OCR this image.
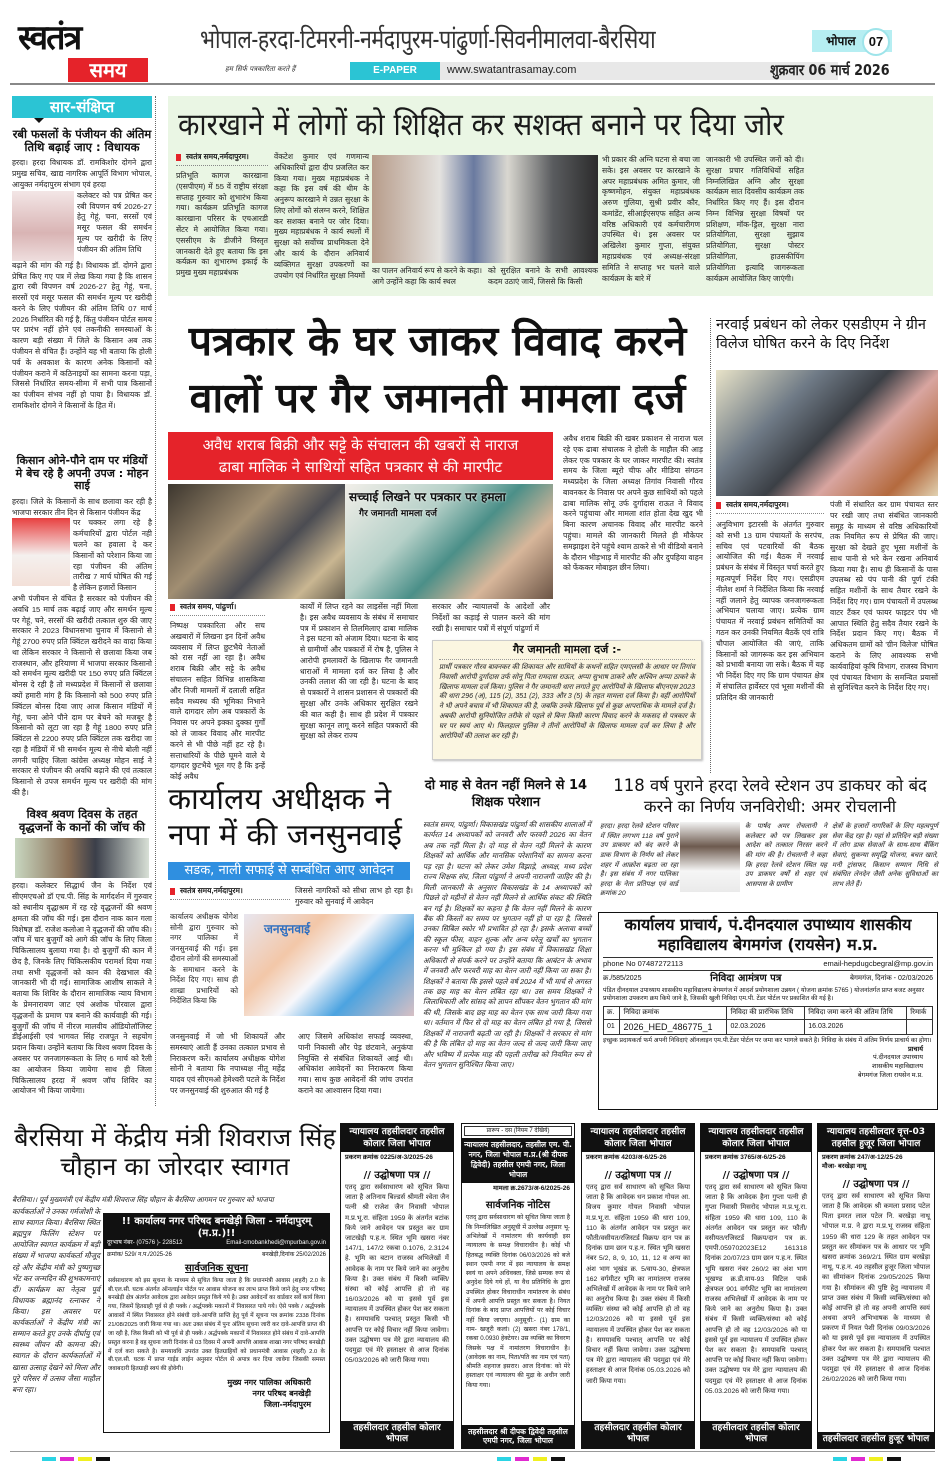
स्वतंत्र
समय
भोपाल-हरदा-टिमरनी-नर्मदापुरम-पांढुर्णा-सिवनीमालवा-बैरसिया
हम सिर्फ पत्रकारिता करते हैं	E-PAPER	www.swatantrasamay.com
भोपाल	07
शुक्रवार 06 मार्च 2026
सार-संक्षिप्त
रबी फसलों के पंजीयन की अंतिम तिथि बढ़ाई जाए : विधायक
हरदा। हरदा विधायक डॉ. रामकिशोर दोगने द्वारा प्रमुख सचिव, खाद्य नागरिक आपूर्ति विभाग भोपाल, आयुक्त नर्मदापुरम संभाग एवं हरदा
कलेक्टर को पत्र प्रेषित कर रबी विपणन वर्ष 2026-27 हेतु गेहूं, चना, सरसों एवं मसूर फसल की समर्थन मूल्य पर खरीदी के लिए पंजीयन की अंतिम तिथि
बढ़ाने की मांग की गई है। विधायक डॉ. दोगने द्वारा प्रेषित किए गए पत्र में लेख किया गया है कि शासन द्वारा रबी विपणन वर्ष 2026-27 हेतु गेहूं, चना, सरसों एवं मसूर फसल की समर्थन मूल्य पर खरीदी करने के लिए पंजीयन की अंतिम तिथि 07 मार्च 2026 निर्धारित की गई है, किंतु पंजीयन पोर्टल समय पर प्रारंभ नहीं होने एवं तकनीकी समस्याओं के कारण बड़ी संख्या में जिले के किसान अब तक पंजीयन से वंचित हैं। उन्होंने यह भी बताया कि होली पर्व के अवकाश के कारण अनेक किसानों को पंजीयन कराने में कठिनाइयों का सामना करना पड़ा, जिससे निर्धारित समय-सीमा में सभी पात्र किसानों का पंजीयन संभव नहीं हो पाया है। विधायक डॉ. रामकिशोर दोगने ने किसानों के हित में।
किसान ओने-पौने दाम पर मंडियों मे बेच रहे है अपनी उपज : मोहन साई
हरदा। जिले के किसानों के साथ छलावा कर रही है भाजपा सरकार तीन दिन से किसान पंजीयन केंद्र
पर चक्कर लगा रहे है कर्मचारियों द्वारा पोर्टल नही चलने का हवाला दे कर किसानों को परेशान किया जा रहा पंजीयन की अंतिम तारीख 7 मार्च घोषित की गई है लेकिन हजारों किसान
अभी पंजीयन से वंचित है सरकार को पंजीयन की अवधि 15 मार्च तक बढ़ाई जाए और समर्थन मूल्य पर गेहूं, चने, सरसों की खरीदी तत्काल शुरु की जाए सरकार ने 2023 विधानसभा चुनाव में किसानो से गेहूं 2700 रुपए प्रति क्विंटल खरीदने का वादा किया था लेकिन सरकार ने किसानो से छलावा किया जब राजस्थान, और हरियाणा में भाजपा सरकार किसानो को समर्थन मूल्य खरीदी पर 150 रुपए प्रति क्विंटल बोनस दे रही है तो मध्यप्रदेश में किसानों से छलावा क्यों हमारी मांग है कि किसानो को 500 रुपए प्रति क्विंटल बोनस दिया जाए आज किसान मंडियों में गेहूं, चना ओने पौने दाम पर बेचने को मजबूर है किसानो को लूटा जा रहा है गेहूं 1800 रुपए प्रति क्विंटल से 2200 रुपए प्रति क्विंटल तक खरीदा जा रहा है मंडियों में भी समर्थन मूल्य से नीचे बोली नहीं लगनी चाहिए जिला कांग्रेस अध्यक्ष मोहन साई ने सरकार से पंजीयन की अवधि बढ़ाने की एवं तत्काल किसानो से उपज समर्थन मूल्य पर खरीदी की मांग की है।
विश्व श्रवण दिवस के तहत वृद्धजनों के कानों की जॉच की
हरदा। कलेक्टर सिद्धार्थ जैन के निर्देश एवं सीएमएचओ डॉ एच.पी. सिंह के मार्गदर्शन में गुरुवार को स्थानीय वृद्धाश्रम में रह रहे वृद्धजनों की श्रवण क्षमता की जॉच की गई। इस दौरान नाक कान गला विशेषज्ञ डॉ. राजेश कलोआ ने वृद्धजनों की जॉच की। जॉच में चार बुजुर्गों को आगे की जॉच के लिए जिला चिकित्सालय बुलाया गया है। दो बुजुर्गों की कान में छेद है, जिनके लिए चिकित्सकीय परामर्श दिया गया तथा सभी वृद्धजनों को कान की देखभाल की जानकारी भी दी गई। सामाजिक आशीष साकले ने बताया कि शिविर के दौरान सामाजिक न्याय विभाग के प्रेमनारायण जाट एवं अशोक पोरवाल द्वारा वृद्धजनों के प्रमाण पत्र बनाने की कार्यवाही की गई। बुजुर्गों की जॉच में नीरज मालवीय ऑडियोलॉजिस्ट डीईआईसी एवं भागवत सिंह राजपूत ने सहयोग प्रदान किया। उन्होंने बताया कि विश्व श्रवण दिवस के अवसर पर जनजागरूकता के लिए 6 मार्च को रैली का आयोजन किया जायेगा साथ ही जिला चिकित्सालय हरदा में श्रवण जॉच शिविर का आयोजन भी किया जायेगा।
कारखाने में लोगों को शिक्षित कर सशक्त बनाने पर दिया जोर
स्वतंत्र समय,नर्मदापुरम।
प्रतिभूति कागज कारखाना (एसपीएम) में 55 वें राष्ट्रीय संरक्षा सप्ताह गुरुवार को शुभारंभ किया गया। कार्यक्रम प्रतिभूति कागज कारखाना परिसर के एचआरडी सेंटर मे आयोजित किया गया। एससीएम के डीजीने विस्तृत जानकारी देते हुए बताया कि इस कर्यक्रम का शुभारम्भ इकाई के प्रमुख मुख्य महाप्रबंधक
वेंकटेश कुमार एवं गणमान्य अधिकारियों द्वारा दीप प्रजलित कर किया गया। मुख्य महाप्रबंधक ने कहा कि इस वर्ष की थीम के अनुरूप कारखाने मे उन्नत सुरक्षा के लिए लोगों को संलग्न करने, शिक्षित कर सशक्त बनाने पर जोर दिया। मुख्य महाप्रबंधक ने कार्य स्थलों में सुरक्षा को सर्वोच्च प्राथमिकता देने और कार्य के दौरान अनिवार्य व्यक्तिगत सुरक्षा उपकरणों का उपयोग एवं निर्धारित सुरक्षा नियमों
का पालन अनिवार्य रूप से करने के कहा। आगे उन्होंने कहा कि कार्य स्थल
को सुरक्षित बनाने के सभी आवश्यक कदम उठाएं जायें, जिससे कि किसी
भी प्रकार की अग्नि घटना से बचा जा सके। इस अवसर पर कारखाने के अपर महाप्रबंधक अमित कुमार, जी कृष्णमोहन, संयुक्त महाप्रबंधक अरुण गुलिया, सुश्री प्रवीर कौर, कमांडेंट, सीआईएसएफ सहित अन्य वरिष्ठ अधिकारी एवं कर्मचारीगण उपस्थित थे। इस अवसर पर अखिलेश कुमार गुप्ता, संयुक्त महाप्रबंधक एवं अध्यक्ष-संरक्षा समिति ने सप्ताह भर चलने वाले कार्यक्रम के बारे में
जानकारी भी उपस्थित जनों को दी। सुरक्षा प्रचार गतिविधियों सहित निम्नलिखित अग्नि और सुरक्षा कार्यक्रम सात दिवसीय कार्यक्रम तक निर्धारित किए गए हैं। इस दौरान निम्न विभिन्न सुरक्षा विषयों पर प्रशिक्षण, मॉक-ड्रिल, सुरक्षा नारा प्रतियोगिता, सुरक्षा सुझाव प्रतियोगिता, सुरक्षा पोस्टर प्रतियोगिता, हाउसकीपिंग प्रतियोगिता इत्यादि जागरूकता कार्यक्रम आयोजित किए जाएंगी।
पत्रकार के घर जाकर विवाद करने
वालों पर गैर जमानती मामला दर्ज
अवैध शराब बिक्री और सट्टे के संचालन की खबरों से नाराज
ढाबा मालिक ने साथियों सहित पत्रकार से की मारपीट
सच्चाई लिखने पर पत्रकार पर हमला
गैर जमानती मामला दर्ज
अवैध शराब बिक्री की खबर प्रकाशन से नाराज चल रहे एक ढाबा संचालक ने होली के माहौल की आड़ लेकर एक पत्रकार के घर जाकर मारपीट की। स्वतंत्र समय के जिला ब्यूरो चीफ और मीडिया संगठन मध्यप्रदेश के जिला अध्यक्ष तिगांव निवासी गौरव बावनकर के निवास पर अपने कुछ साथियों को पहले ढाबा मालिक सोनू उर्फ दुर्गादास राऊत ने विवाद करने पहुंचाया और मामला शांत होता देख खुद भी बिना कारण अचानक विवाद और मारपीट करने पहुंचा। मामले की जानकारी मिलते ही मौकेपर समझाइश देने पहुंचे श्याम ठाकरे से भी वीडियो बनाने के दौरान भीड़भाड़ में मारपीट की और दुपहिया वाहन को फेंककर मोबाइल छीन लिया।
स्वतंत्र समय, पांढुर्णा।
निष्पक्ष पत्रकारिता और सच अखबारों में लिखना इन दिनों अवैध व्यवसाय में लिप्त छुटभैये नेताओं को रास नहीं आ रहा है। अवैध शराब बिक्री और सट्टे के अवैध संचालन सहित विभिन्न शासकिया और निजी मामलों में दलाली सहित सदैव मध्यस्थ की भूमिका निभाने वाले दागदार लोग अब पत्रकारों के निवास पर अपने इक्का दुक्का गुर्गों को ले जाकर विवाद और मारपीट करने से भी पीछे नहीं हट रहे है। सत्ताधारियों के पीछे घूमने वाले ये दागदार छुटभैये भूल गए है कि इन्हें कोई अवैध
कार्यों में लिप्त रहने का लाइसेंस नहीं मिला है। इस अवैध व्यवसाय के संबंध में समाचार पत्र में प्रकाशन से तिलमिलाए ढाबा मालिक ने इस घटना को अंजाम दिया। घटना के बाद से ग्रामीणों और पत्रकारों में रोष है, पुलिस ने आरोपी हमलावरों के खिलाफ गैर जमानती धाराओं में मामला दर्ज कर लिया है और उनकी तलाश की जा रही है। घटना के बाद से पत्रकारों ने शासन प्रशासन से पत्रकारों की सुरक्षा और उनके अधिकार सुरक्षित रखने की बात कही है। साथ ही प्रदेश में पत्रकार सुरक्षा कानून लागू करने सहित पत्रकारों की सुरक्षा को लेकर राज्य
सरकार और न्यायालयों के आदेशों और निर्देशों का कड़ाई से पालन करने की मांग रखी है। समाचार पत्रों में संपूर्ण पांढुर्णा में
गैर जमानती मामला दर्ज :-
प्रार्थी पत्रकार गौरव बावनकर की शिकायत और साथियों के कथनों सहित एमएलसी के आधार पर तिगांव निवासी आरोपी दुर्गादास उर्फ सोनू पिता रामदास राऊत, अप्पा सुभाष ठाकरे और अश्विन अप्पा ठाकरे के खिलाफ मामला दर्ज किया। पुलिस ने गैर जमानती धारा लगाते हुए आरोपियों के खिलाफ बीएनएस 2023 की धारा 296 (अ), 115 (2), 351 (2), 333 और 3 (5) के तहत मामला दर्ज किया है। वहीं आरोपियों ने भी अपने बचाव में भी शिकायत की है, जबकि उनके खिलाफ पूर्व से कुछ आपराधिक के मामले दर्ज है। अबकी आरोपी सुनियोजित तरीके से पहले से बिना किसी कारण विवाद करने के मकसद से पत्रकार के घर पर स्वयं आए थे। फिलहाल पुलिस ने तीनों आरोपियों के खिलाफ मामला दर्ज कर लिया है और आरोपियों की तलाश कर रही है।
नरवाई प्रबंधन को लेकर एसडीएम ने ग्रीन विलेज घोषित करने के दिए निर्देश
स्वतंत्र समय,नर्मदापुरम।
अनुविभाग इटारसी के अंतर्गत गुरुवार को सभी 13 ग्राम पंचायतों के सरपंच, सचिव एवं पटवारियों की बैठक आयोजित की गई। बैठक में नरवाई प्रबंधन के संबंध में विस्तृत चर्चा करते हुए महत्वपूर्ण निर्देश दिए गए। एसडीएम नीलेश शर्मा ने निर्देशित किया कि नरवाई नहीं जलाने हेतु व्यापक जनजागरूकता अभियान चलाया जाए। प्रत्येक ग्राम पंचायत में नरवाई प्रबंधन समितियों का गठन कर उनकी नियमित बैठकें एवं रात्रि चौपाल आयोजित की जाएं, ताकि किसानों को जागरूक कर इस अभियान को प्रभावी बनाया जा सके। बैठक में यह भी निर्देश दिए गए कि ग्राम पंचायत क्षेत्र में संचालित हार्वेस्टर एवं भूसा मशीनों की प्रतिदिन की जानकारी
पंजी में संधारित कर ग्राम पंचायत स्तर पर रखी जाए तथा संबंधित जानकारी समूह के माध्यम से वरिष्ठ अधिकारियों तक नियमित रूप से प्रेषित की जाए। सुरक्षा को देखते हुए भूसा मशीनों के साथ पानी से भरे केन रखना अनिवार्य किया गया है। साथ ही किसानों के पास उपलब्ध स्प्रे पंप पानी की पूर्ण टंकी सहित मशीनों के साथ तैयार रखने के निर्देश दिए गए। ग्राम पंचायतों में उपलब्ध वाटर टैंकर एवं फायर फाइटर पंप भी आपात स्थिति हेतु सदैव तैयार रखने के निर्देश प्रदान किए गए। बैठक में अधिकतम ग्रामों को 'ग्रीन विलेज' घोषित कराने के लिए आवश्यक सभी कार्यवाहियां कृषि विभाग, राजस्व विभाग एवं पंचायत विभाग के समन्वित प्रयासों से सुनिश्चित करने के निर्देश दिए गए।
कार्यालय अधीक्षक ने
नपा में की जनसुनवाई
सडक, नाली सफाई से सम्बंधित आए आवेदन
स्वतंत्र समय,नर्मदापुरम।	जिससे नागरिकों को सीधा लाभ हो रहा है। गुरुवार को सुनवाई में आवेदन
कार्यालय अधीक्षक योगेश सोनी द्वारा गुरुवार को नगर पालिका में जनसुनवाई की गई। इस दौरान लोगों की समस्याओं के समाधान करने के निर्देश दिए गए। साथ ही शाखा प्रभारियों को निर्देशित किया कि
जनसुनवाई
जनसुनवाई में जो भी शिकायतें और समस्याएं आती हैं उनका तत्काल प्रभाव से निराकरण करें। कार्यालय अधीक्षक योगेश सोनी ने बताया कि नपाध्यक्ष नीतू महेंद्र यादव एवं सीएमओ हेमेश्वरी पटले के निर्देश पर जनसुनवाई की शुरुआत की गई है
आए जिसमे अधिकांश सफाई व्यवस्था, पानी निकासी और पेड़ छंटवाने, अनुकंपा नियुक्ति से संबंधित शिकायतें आई थी। अधिकांश आवेदनों का निराकरण किया गया। साथ कुछ आवेदनों की जांच उपरांत कराने का आश्वासन दिया गया।
दो माह से वेतन नहीं मिलने से 14 शिक्षक परेशान
स्वतंत्र समय, पांढुर्णा। विकासखंड पांढुर्णा की शासकीय शालाओं में कार्यरत 14 अध्यापकों को जनवरी और फरवरी 2026 का वेतन अब तक नहीं मिला है। दो माह से वेतन नहीं मिलने के कारण शिक्षकों को आर्थिक और मानसिक परेशानियों का सामना करना पड़ रहा है। घटना को लेकर उमेश विझाड़े, अध्यक्ष, मध्य प्रदेश राज्य शिक्षक संघ, जिला पांढुर्णा ने अपनी नाराजगी जाहिर की है। मिली जानकारी के अनुसार विकासखंड के 14 अध्यापकों को पिछले दो महीनों से वेतन नहीं मिलने से आर्थिक संकट की स्थिति बन गई है। शिक्षकों का कहना है कि वेतन नहीं मिलने के कारण बैंक की किस्तों का समय पर भुगतान नहीं हो पा रहा है, जिससे उनका सिबिल स्कोर भी प्रभावित हो रहा है। इसके अलावा बच्चों की स्कूल फीस, वाहन शुल्क और अन्य घरेलू खर्चों का भुगतान करना भी मुश्किल हो गया है। इस संबंध में विकासखंड शिक्षा अधिकारी से संपर्क करने पर उन्होंने बताया कि आबंटन के अभाव में जनवरी और फरवरी माह का वेतन जारी नहीं किया जा सका है। शिक्षकों ने बताया कि इससे पहले वर्ष 2024 में भी मार्च से अगस्त तक छह माह का वेतन लंबित रहा था। उस समय शिक्षकों ने जिलाधिकारी और सांसद को ज्ञापन सौंपकर वेतन भुगतान की मांग की थी, जिसके बाद छह माह का वेतन एक साथ जारी किया गया था। वर्तमान में फिर से दो माह का वेतन लंबित हो गया है, जिससे शिक्षकों में नाराजगी बढ़ती जा रही है। शिक्षकों ने सरकार से मांग की है कि लंबित दो माह का वेतन जल्द से जल्द जारी किया जाए और भविष्य में प्रत्येक माह की पहली तारीख को नियमित रूप से वेतन भुगतान सुनिश्चित किया जाए।
118 वर्ष पुराने हरदा रेलवे स्टेशन उप डाकघर को बंद करने का निर्णय जनविरोधी: अमर रोचलानी
हरदा। हरदा रेलवे स्टेशन परिसर में स्थित लगभग 118 वर्ष पुराने उप डाकघर को बंद करने के डाक विभाग के निर्णय को लेकर शहर में आक्रोश बढ़ता जा रहा है। इस संबंध में नगर पालिका हरदा के नेता प्रतिपक्ष एवं वार्ड क्रमांक 20
के पार्षद अमर रोचलानी ने कलेक्टर को पत्र लिखकर इस आदेश को तत्काल निरस्त करने की मांग की है। रोचलानी ने कहा कि हरदा रेलवे स्टेशन स्थित यह उप डाकघर वर्षों से शहर एवं आसपास के ग्रामीण
क्षेत्रों के हजारों नागरिकों के लिए महत्वपूर्ण सेवा केंद्र रहा है। यहां से प्रतिदिन बड़ी संख्या में लोग डाक सेवाओं के साथ-साथ बैंकिंग सेवाएं, सुकन्या समृद्धि योजना, बचत खाते, मनी ट्रांसफर, किसान सम्मान निधि से संबंधित लेनदेन जैसी अनेक सुविधाओं का लाभ लेते हैं।
कार्यालय प्राचार्य, पं.दीनदयाल उपाध्याय शासकीय
महाविद्यालय बेगमगंज (रायसेन) म.प्र.
phone No 07487272113	email-hepdugcbegral@mp.gov.in
क्र./585/2025	निविदा आमंत्रण पत्र	बेगमगंज, दिनांक - 02/03/2026
पंडित दीनदयाल उपाध्याय शासकीय महाविद्यालय बेगमगंज में आदर्श प्रयोगशाला उन्नयन ( योजना क्रमांक 5765 ) योजनांतर्गत प्राप्त बजट अनुसार प्रयोगशाला उपकरण क्रय किये जाने है, जिसकी खुली निविदा एम.पी. टेंडर पोर्टल पर प्रकाशित की गई है।
क्र.	निविदा क्रमांक	निविदा की प्रारंभिक तिथि	निविदा जमा करने की अंतिम तिथि	रिमार्क
01	2026_HED_486775_1	02.03.2026	16.03.2026	
इच्छुक प्रदायकर्ता फर्म अपनी निविदाएं ऑनलाइन एम.पी.टेंडर पोर्टल पर जमा कर भागले सकते है। निविदा के संबंध में अंतिम निर्णय प्राचार्य का होगा।
प्राचार्य
पं.दीनदयाल उपाध्याय
शासकीय महाविद्यालय
बेगमगंज जिला रायसेन म.प्र.
बैरसिया में केंद्रीय मंत्री शिवराज सिंह चौहान का जोरदार स्वागत
बैरसिया।। पूर्व मुख्यमंत्री एवं केंद्रीय मंत्री शिवराज सिंह चौहान के बैरसिया आगमन पर गुरुवार को भाजपा
कार्यकर्ताओं ने उनका गर्मजोशी के साथ स्वागत किया। बैरसिया स्थित ब्रह्मपुत्र फिलिंग स्टेशन पर आयोजित स्वागत कार्यक्रम में बड़ी संख्या में भाजपा कार्यकर्ता मौजूद रहे और केंद्रीय मंत्री को पुष्पगुच्छ भेंट कर जन्मदिन की शुभकामनाएं दीं। कार्यक्रम का नेतृत्व पूर्व विधायक ब्रह्मानंद रत्नाकर ने किया। इस अवसर पर कार्यकर्ताओं ने केंद्रीय मंत्री का सम्मान करते हुए उनके दीर्घायु एवं स्वस्थ्य जीवन की कामना की। स्वागत के दौरान कार्यकर्ताओं में खासा उत्साह देखने को मिला और पूरे परिसर में उत्सव जैसा माहौल बना रहा।
!! कार्यालय नगर परिषद बनखेड़ी जिला - नर्मदापुरम् (म.प्र.)!!
दूरभाष नंबर- (07576 )- 228512	Email-cmobankhedi@mpurban.gov.in
क्रमांक/ 529/ न.प./2025-26	बनखेड़ी,दिनांक 25/02/2026
सार्वजनिक सूचना
सर्वसाधारण को इस सूचना के माध्यम से सूचित किया जाता है कि प्रधानमंत्री आवास (शहरी) 2.0 के बी.एल.सी. घटक अंतर्गत ऑनलाईन पोर्टल पर आवास योजना का लाभ प्राप्त किये जाने हेतु नगर परिषद बनखेड़ी क्षेत्र अंतर्गत आवेदक द्वारा आवेदन प्रस्तुत किये गये है। उक्त आवेदनों का वार्डवार सर्वे कार्य किया गया, जिसमें हितग्राही पूर्व से ही पक्के / अर्द्धपक्के मकानों में निवासरत पाये गये। ऐसे पक्के / अर्द्धपक्के आवासों में स्थित निवासरत होने संबंधी दावे-आपत्ति प्राप्ति हेतु पूर्व में सूचना पत्र क्रमांक 2338 दिनांक 21/08/2025 जारी किया गया था। अतः उक्त संबंध में पुनः अंतिम सूचना जारी कर दावे-आपत्ति प्राप्त की जा रही है, जिस किसी को भी पूर्व से ही पक्के / अर्द्धपक्के मकानों में निवासरत होने संबंध में दावे-आपत्ति प्रस्तुत करना है वह सूचना जारी दिनांक से 03 दिवस में अपनी आपत्ति आवास शाखा नगर परिषद बनखेड़ी में दर्ज करा सकते है। समयावधि उपरांत उक्त हितग्राहियों को प्रधानमंत्री आवास (शहरी) 2.0 के बी.एल.सी. घटक में प्राप्त गाईड लाईन अनुसार पोर्टल से अपात्र कर दिया जावेगा जिसकी समस्त जवाबदारी हितग्राही स्वयं की होवेगी।
मुख्य नगर पालिका अधिकारी
नगर परिषद बनखेड़ी
जिला-नर्मदापुरम
न्यायालय तहसीलदार तहसील कोलार जिला भोपाल
प्रकरण क्रमांक 0225/अ-3/2025-26
// उद्घोषणा पत्र //
एतद् द्वारा सर्वसाधारण को सूचित किया जाता है अतिनाय बिल्डर्स श्रीमती श्वेता जैन पत्नी श्री राजेश जैन निवासी भोपाल म.प्र.भू.रा. संहिता 1959 के अंतर्गत बटांक किये जाने आवेदन पत्र प्रस्तुत कर ग्राम जाटखेड़ी प.ह.न. स्थित भूमि खसरा नंबर 147/1, 147/2 रकबा 0.1076, 2.3124 हे. भूमि का बटान राजस्व अभिलेखों में आवेदक के नाम पर किये जाने का अनुरोध किया है। उक्त संबंध में किसी व्यक्ति/ संस्था को कोई आपत्ति हो तो वह 16/03/2026 को या इससे पूर्व इस न्यायालय में उपस्थित होकर पेश कर सकता है। समयावधि पश्चात् प्रस्तुत किसी भी आपत्ति पर कोई विचार नहीं किया जावेगा। उक्त उद्घोषणा पत्र मेरे द्वारा न्यायालय की पदमुद्रा एवं मेरे हस्ताक्षर से आज दिनांक 05/03/2026 को जारी किया गया।
तहसीलदार तहसील कोलार भोपाल
प्रारूप - दस (नियम 7 देखिये)
न्यायालय तहसीलदार, तहसील एम. पी. नगर, जिला भोपाल म.प्र.(श्री दीपक द्विवेदी) तहसील एमपी नगर, जिला भोपाल
मामला क्र.2673/अ-6/2025-26
सार्वजनिक नोटिस
एतद् द्वारा सर्वसाधारण को सूचित किया जाता है कि निम्नलिखित अनुसूची में उल्लेख अनुसार भू-अभिलेखों में नामांतरण की कार्यवाही इस न्यायालय के समक्ष विचाराधीन है। कोई भी हितबद्ध व्यक्ति दिनांक 06/03/2026 को बजे स्थान एमपी नगर में इस न्यायालय के समक्ष स्वयं या अपने अधिवक्ता, जिसे सम्यक रूप से अनुदेश दिये गये हों, या वैध प्रतिनिधि के द्वारा उपस्थित होकर विचाराधीन नामांतरण के संबंध में अपनी आपत्ति प्रस्तुत कर सकता है। नियत दिनांक के बाद प्राप्त आपत्तियों पर कोई विचार नहीं किया जाएगा। अनुसूची:- (1) ग्राम का नाम- खजूरी कलां। (2) खसरा नंबर 178/1, रकबा 0.0930 हेक्टेयर। उस व्यक्ति का विवरण जिसके पक्ष में नामांतरण विचाराधीन है। (आवेदक का नाम, पिता/पति का नाम एवं पता) श्रीमति शहनाज इसरार। आज दिनांक: को मेरे हस्ताक्षर एवं न्यायालय की मुद्रा के अधीन जारी किया गया।
तहसीलदार श्री दीपक द्विवेदी तहसील एमपी नगर, जिला भोपाल
न्यायालय तहसीलदार तहसील कोलार जिला भोपाल
प्रकरण क्रमांक 4203/अ-6/25-26
// उद्घोषणा पत्र //
एतद् द्वारा सर्व साधारण को सूचित किया जाता है कि आवेदक धन प्रकाश गोयल आ. विजय कुमार गोयल निवासी भोपाल म.प्र.भू.रा. संहिता 1959 की धारा 109, 110 के अंतर्गत आवेदन पत्र प्रस्तुत कर फौती/वसीयत/रजिस्टर्ड विक्रय/ दान पत्र क्र दिनांक ग्राम छान प.ह.न. स्थित भूमि खसरा नंबर 5/2, 8, 9, 10, 11, 12 व अन्य का अंश भाग भूखंड क्र. 5/वाय-30, क्षेत्रफल 162 वर्गमीटर भूमि का नामांतरण राजस्व अभिलेखों में आवेदक के नाम पर किये जाने का अनुरोध किया है। उक्त संबंध में किसी व्यक्ति/ संस्था को कोई आपत्ति हो तो वह 12/03/2026 को या इससे पूर्व इस न्यायालय में उपस्थित होकर पेश कर सकता है। समयावधि पश्चात् आपत्ति पर कोई विचार नहीं किया जावेगा। उक्त उद्घोषणा पत्र मेरे द्वारा न्यायालय की पदमुद्रा एवं मेरे हस्ताक्षर से आज दिनांक 05.03.2026 को जारी किया गया।
तहसीलदार तहसील कोलार भोपाल
न्यायालय तहसीलदार तहसील कोलार जिला भोपाल
प्रकरण क्रमांक 3765/अ-6/25-26
// उद्घोषणा पत्र //
एतद् द्वारा सर्व साधारण को सूचित किया जाता है कि आवेदक हैना गुप्ता पत्नी ही गुप्ता निवासी मिसरोद भोपाल म.प्र.भू.रा. संहिता 1959 की धारा 109, 110 के अंतर्गत आवेदन पत्र प्रस्तुत कर फौती/वसीयत/रजिस्टर्ड विक्रय/दान पत्र क्र. एमपी.059702023E12 161318 दिनांक 20/07/23 ग्राम छान प.ह.न. स्थित भूमि खसरा नंबर 260/2 का अंश भाग भूखण्ड क्र.डी.वाय-93 विटिल पार्क क्षेत्रफल 901 वर्गफीट भूमि का नामांतरण राजस्व अभिलेखों में आवेदक के नाम पर किये जाने का अनुरोध किया है। उक्त संबंध में किसी व्यक्ति/संस्था को कोई आपत्ति हो तो वह 12/03/2026 को या इससे पूर्व इस न्यायालय में उपस्थित होकर पेश कर सकता है। समयावधि पश्चात् आपत्ति पर कोई विचार नहीं किया जावेगा। उक्त उद्घोषणा पत्र मेरे द्वारा न्यायालय की पदमुद्रा एवं मेरे हस्ताक्षर से आज दिनांक 05.03.2026 को जारी किया गया।
तहसीलदार तहसील कोलार भोपाल
न्यायालय तहसीलदार वृत्त-03 तहसील हुजूर जिला भोपाल
प्रकरण क्रमांक 247/अ-12/25-26
मौजा- बरखेड़ा नाथू
// उद्घोषणा पत्र //
एतद् द्वारा सर्व साधारण को सूचित किया जाता है कि आवेदक श्री कमला प्रसाद पटेल पिता इमरत लाल पटेल नि. बरखेड़ा नाथू भोपाल म.प्र. ने द्वारा म.प्र.भू राजस्व संहिता 1959 की धारा 129 के तहत आवेदन पत्र प्रस्तुत कर सीमांकन पत्र के आधार पर भूमि खसरा क्रमांक 369/2/1 स्थित ग्राम बरखेड़ा नाथू, प.ह.न. 49 तहसील हुजूर जिला भोपाल का सीमांकन दिनांक 29/05/2025 किया गया है। सीमांकन की पुष्टि हेतु न्यायालय में प्राप्त उक्त संबंध में किसी व्यक्ति/संस्था को कोई आपत्ति हो तो वह अपनी आपत्ति स्वयं अथवा अपने अभिभाषक के माध्यम से प्रकरण में नियत पेशी दिनांक 09/03/2026 को या इससे पूर्व इस न्यायालय में उपस्थित होकर पेश कर सकता है। समयावधि पश्चात उक्त उद्घोषणा पत्र मेरे द्वारा न्यायालय की पदमुद्रा एवं मेरे हस्ताक्षर से आज दिनांक 26/02/2026 को जारी किया गया।
तहसीलदार तहसील हुजूर भोपाल
